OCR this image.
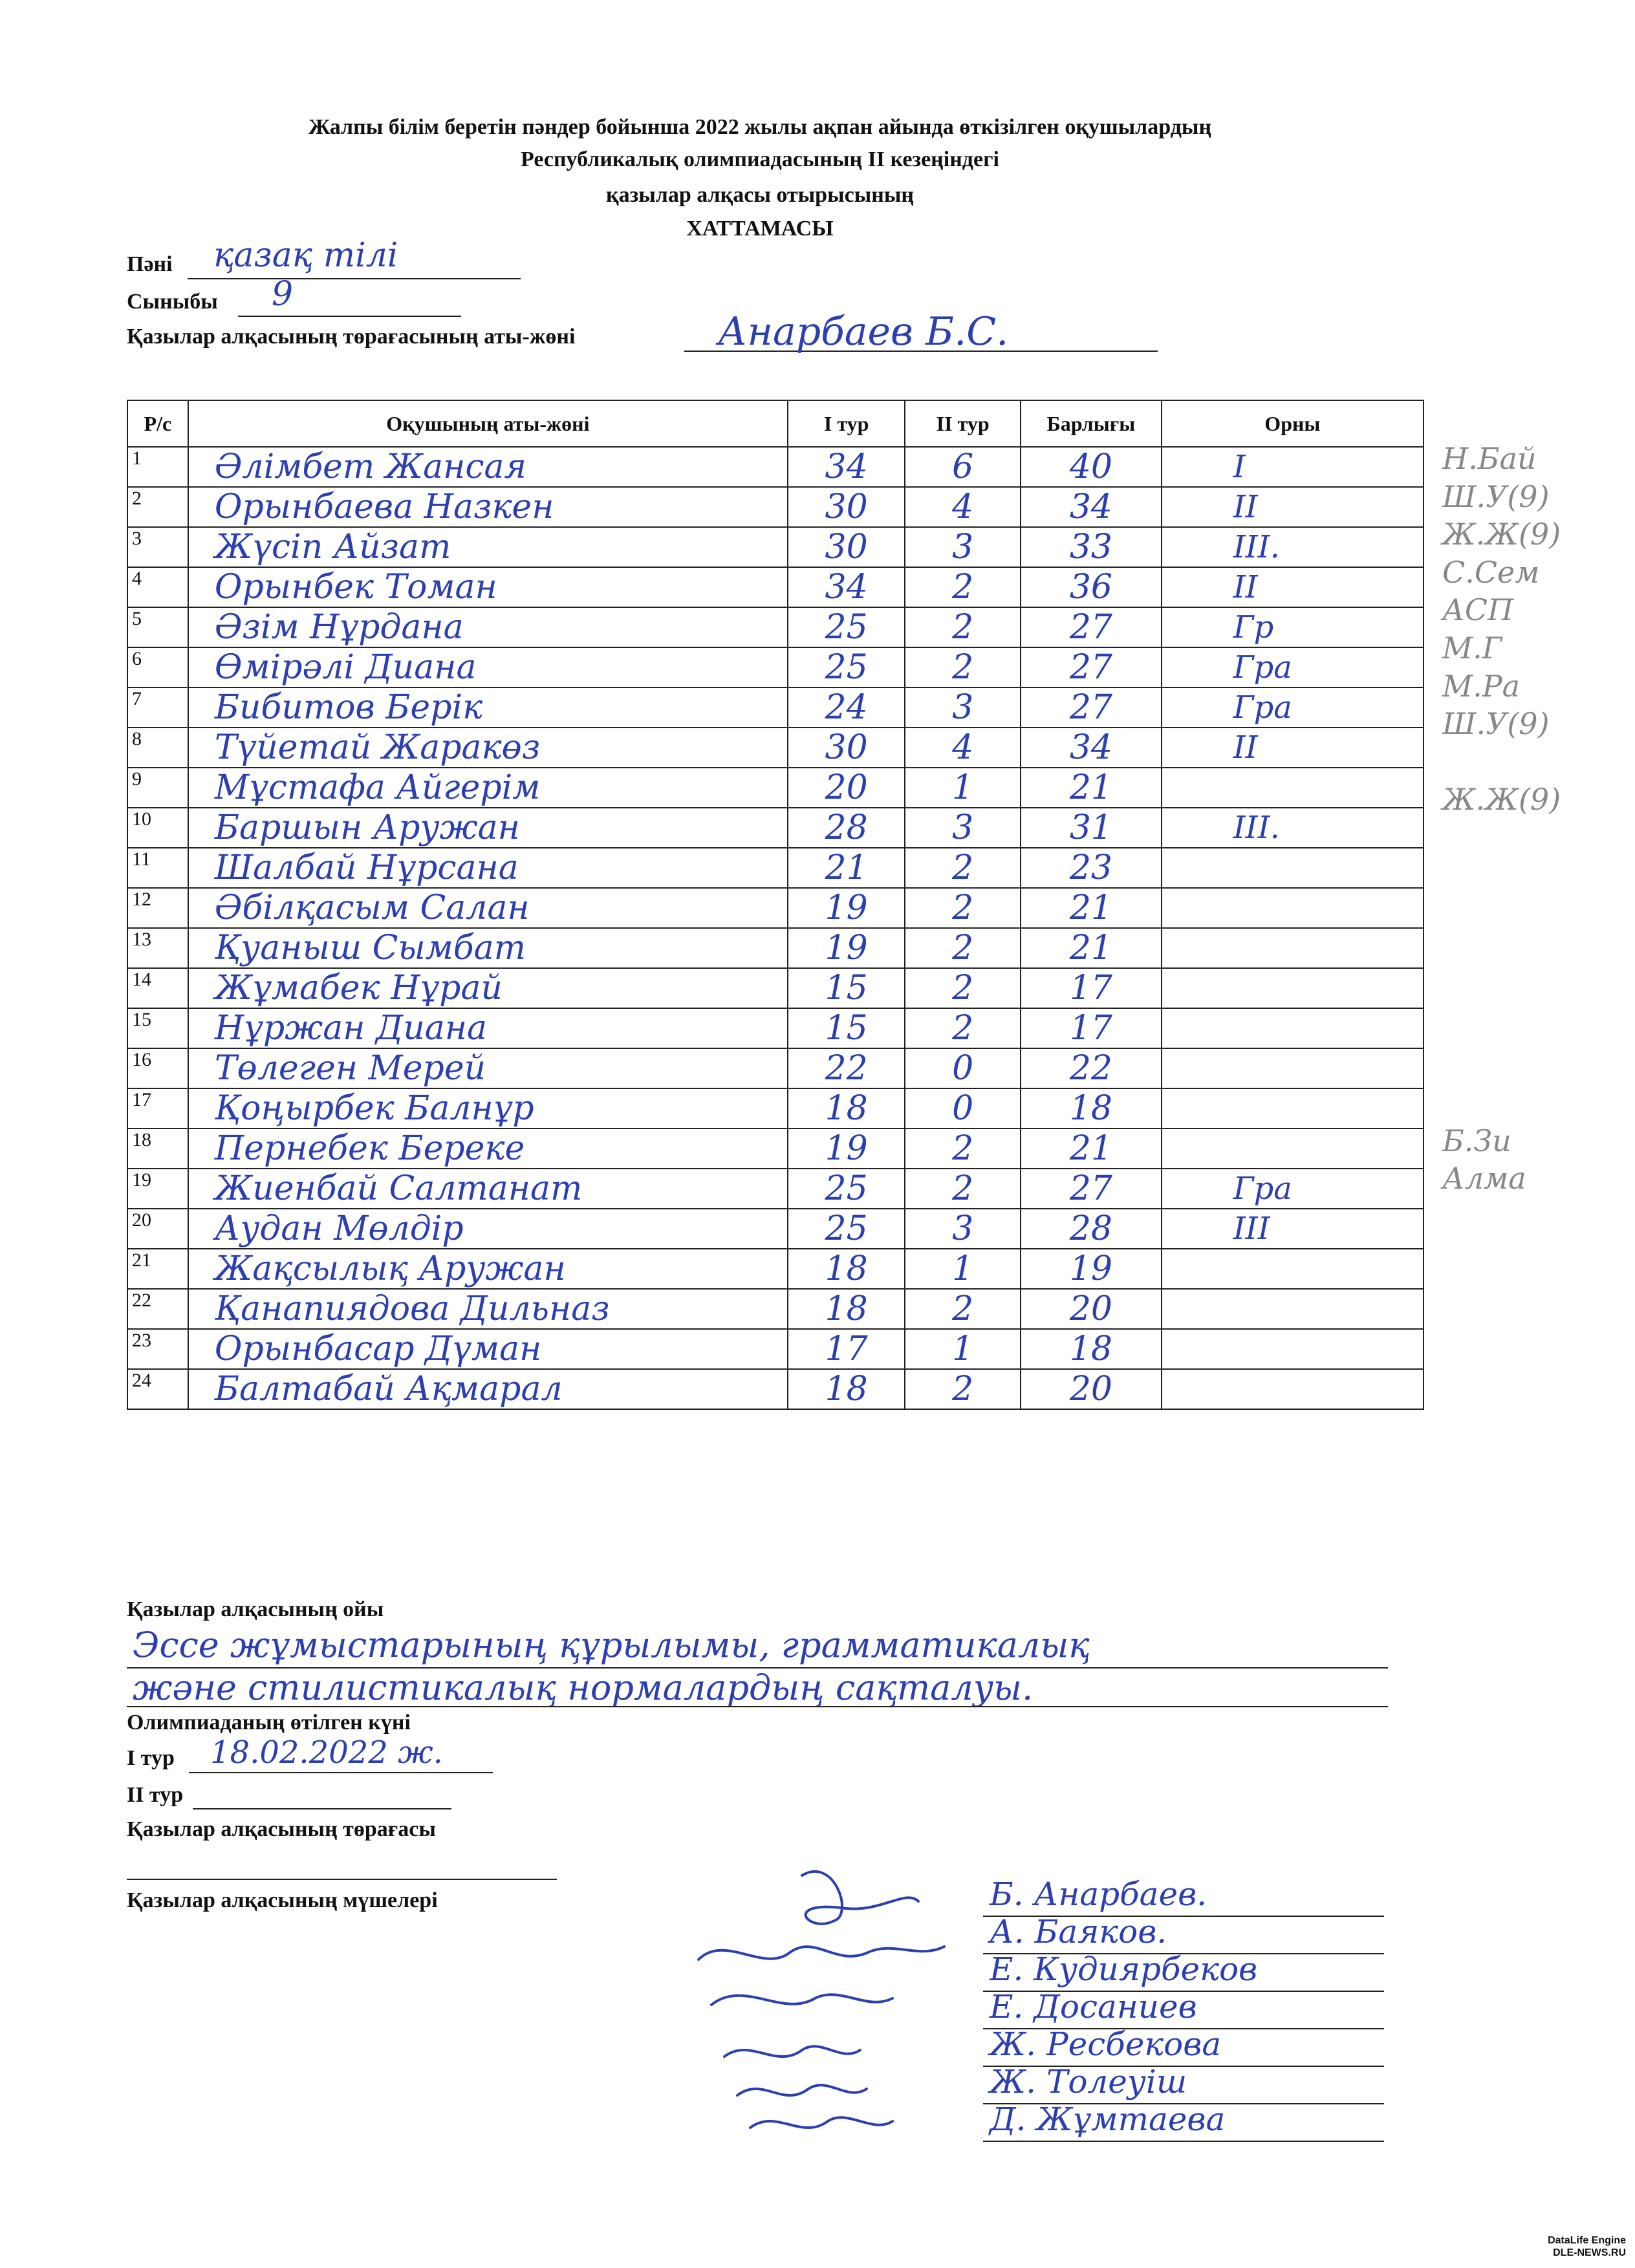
Жалпы білім беретін пәндер бойынша 2022 жылы ақпан айында өткізілген оқушылардың
Республикалық олимпиадасының ІІ кезеңіндегі
қазылар алқасы отырысының
ХАТТАМАСЫ
Пәні қазақ тілі
Сыныбы 9
Қазылар алқасының төрағасының аты-жөні	Анарбаев Б.С.
Р/с	Оқушының аты-жөні	І тур	ІІ тур	Барлығы	Орны
1	Әлімбет Жансая	34	6	40	І
2	Орынбаева Назкен	30	4	34	ІІ
3	Жүсіп Айзат	30	3	33	ІІІ.
4	Орынбек Томан	34	2	36	ІІ
5	Әзім Нұрдана	25	2	27	Гр
6	Өмірәлі Диана	25	2	27	Гра
7	Бибитов Берік	24	3	27	Гра
8	Түйетай Жаракөз	30	4	34	ІІ
9	Мұстафа Айгерім	20	1	21	
10	Баршын Аружан	28	3	31	ІІІ.
11	Шалбай Нұрсана	21	2	23	
12	Әбілқасым Салан	19	2	21	
13	Қуаныш Сымбат	19	2	21	
14	Жұмабек Нұрай	15	2	17	
15	Нұржан Диана	15	2	17	
16	Төлеген Мерей	22	0	22	
17	Қоңырбек Балнұр	18	0	18	
18	Пернебек Берекe	19	2	21	
19	Жиенбай Салтанат	25	2	27	Гра
20	Аудан Мөлдір	25	3	28	ІІІ
21	Жақсылық Аружан	18	1	19	
22	Қанапиядова Дильназ	18	2	20	
23	Орынбасар Дүман	17	1	18	
24	Балтабай Ақмарал	18	2	20	
Н.Бай
Ш.У(9)
Ж.Ж(9)
С.Сем
АСП
М.Г
М.Ра
Ш.У(9)
Ж.Ж(9)
Б.Зи
Алма
Қазылар алқасының ойы
Эссе жұмыстарының құрылымы, грамматикалық
және стилистикалық нормалардың сақталуы.
Олимпиаданың өтілген күні
І тур 18.02.2022 ж.
ІІ тур
Қазылар алқасының төрағасы
Қазылар алқасының мүшелері	Б. Анарбаев.
А. Баяков.
Е. Кудиярбеков
Е. Досаниев
Ж. Ресбекова
Ж. Толеуіш
Д. Жұмтаева
DataLife Engine
DLE-NEWS.RU
